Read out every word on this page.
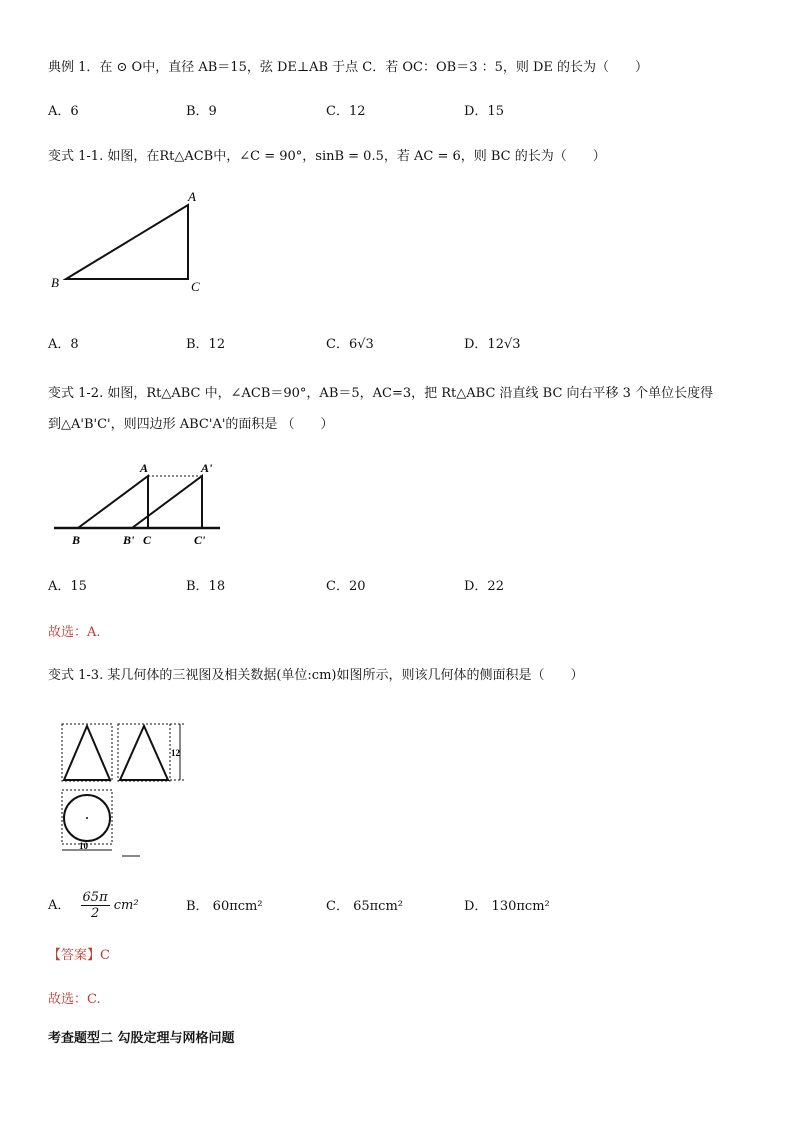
典例 1．在 ⊙ O中，直径 AB＝15，弦 DE⊥AB 于点 C．若 OC：OB＝3 ：5，则 DE 的长为（　　）
A．6	B．9	C．12	D．15
变式 1-1. 如图，在Rt△ACB中，∠C = 90°，sinB = 0.5，若 AC = 6，则 BC 的长为（　　）
A
B	C
A．8	B．12	C．6√3	D．12√3
变式 1-2. 如图，Rt△ABC 中，∠ACB＝90°，AB＝5，AC=3，把 Rt△ABC 沿直线 BC 向右平移 3 个单位长度得
到△A'B'C'，则四边形 ABC'A'的面积是 （　　）
A	A'
B	B' C	C'
A．15	B．18	C．20	D．22
故选：A.
变式 1-3. 某几何体的三视图及相关数据(单位:cm)如图所示，则该几何体的侧面积是（　　）
12
10
A． $\frac{65\pi}{2} cm^2$	B． 60πcm²	C． 65πcm²	D． 130πcm²
【答案】C
故选：C.
考查题型二 勾股定理与网格问题
